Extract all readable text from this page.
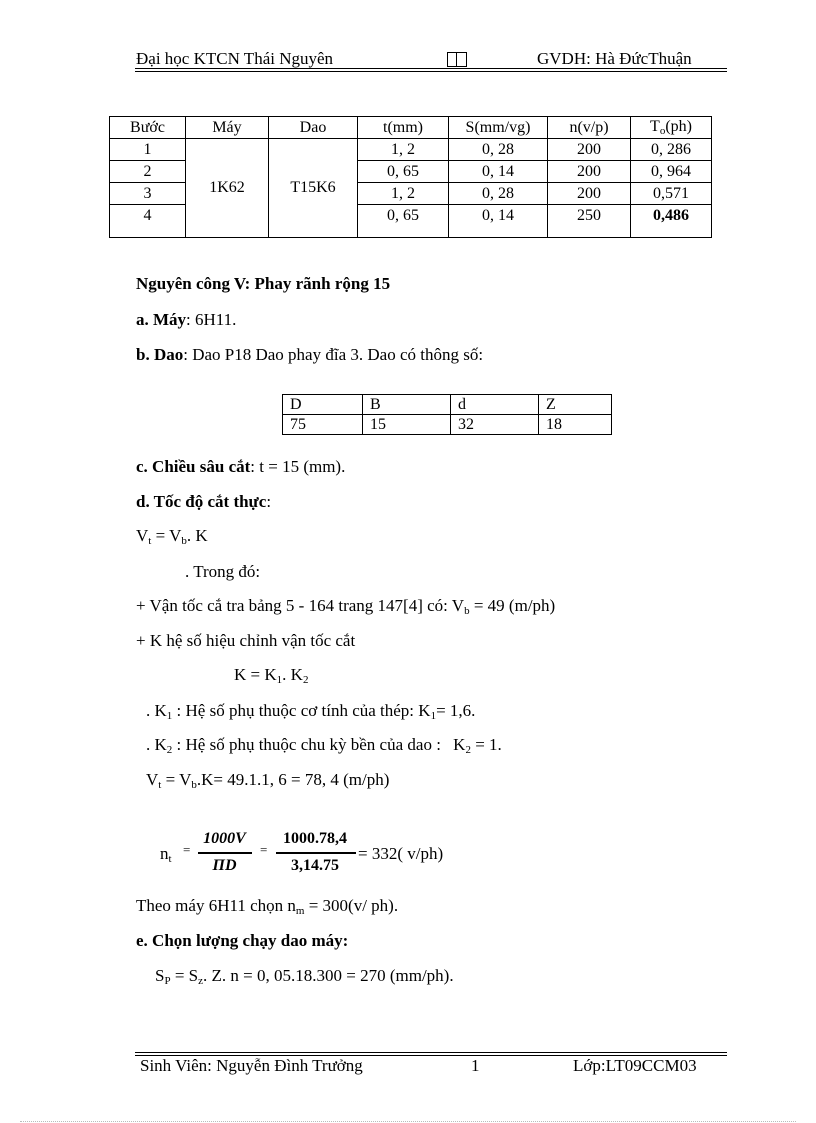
Đại học KTCN Thái Nguyên	GVDH: Hà ĐứcThuận
Bước	Máy	Dao	t(mm)	S(mm/vg)	n(v/p)	$T_o(ph)$
1	1K62	T15K6	1, 2	0, 28	200	0, 286
2			0, 65	0, 14	200	0, 964
3			1, 2	0, 28	200	0,571
4			0, 65	0, 14	250	0,486
Nguyên công V: Phay rãnh rộng 15
a. Máy: 6H11.
b. Dao: Dao P18 Dao phay đĩa 3. Dao có thông số:
D	B	d	Z
75	15	32	18
c. Chiều sâu cắt: t = 15 (mm).
d. Tốc độ cắt thực:
$V_t = V_b$. K
. Trong đó:
+ Vận tốc cắ tra bảng 5 - 164 trang 147[4] có: $V_b = 49$ (m/ph)
+ K hệ số hiệu chỉnh vận tốc cắt
$K = K_1$. $K_2$
. $K_1$ : Hệ số phụ thuộc cơ tính của thép: $K_1= 1,6$.
. $K_2$ : Hệ số phụ thuộc chu kỳ bền của dao : $K_2 = 1$.
$V_t = V_b.K= 49.1.1$, 6 = 78, 4 (m/ph)
$n_t$
=
1000V
ΠD
=
1000.78,4
3,14.75
= 332( v/ph)
Theo máy 6H11 chọn $n_m = 300(v/$ ph).
e. Chọn lượng chạy dao máy:
$S_P = S_z$. Z. n = 0, 05.18.300 = 270 (mm/ph).
Sinh Viên: Nguyễn Đình Trưởng	1	Lớp:LT09CCM03
